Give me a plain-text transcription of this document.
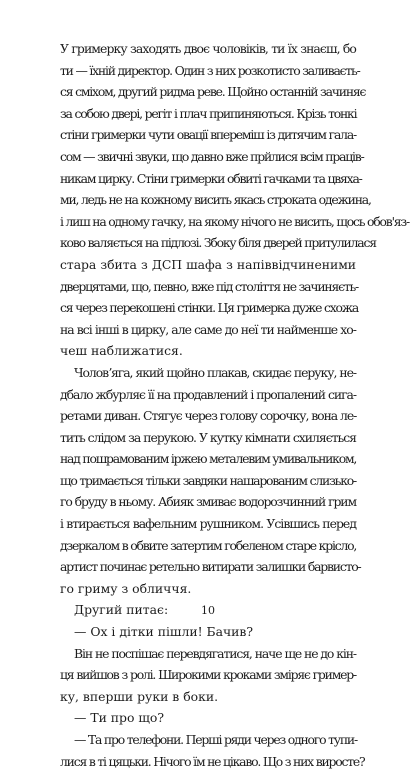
У гримерку заходять двоє чоловіків, ти їх знаєш, бо
ти — їхній директор. Один з них розкотисто заливаєть-
ся сміхом, другий ридма реве. Щойно останній зачиняє
за собою двері, регіт і плач припиняються. Крізь тонкі
стіни гримерки чути овації впереміш із дитячим гала-
сом — звичні звуки, що давно вже прйлися всім праців-
никам цирку. Стіни гримерки обвиті гачками та цвяха-
ми, ледь не на кожному висить якась строката одежина,
і лиш на одному гачку, на якому нічого не висить, щось обов'яз-
ково валяється на підлозі. Збоку біля дверей притулилася
стара збита з ДСП шафа з напіввідчиненими
дверцятами, що, певно, вже під століття не зачиняєть-
ся через перекошені стінки. Ця гримерка дуже схожа
на всі інші в цирку, але саме до неї ти найменше хо-
чеш наближатися.
Чоловʼяга, який щойно плакав, скидає перуку, не-
дбало жбурляє її на продавлений і пропалений сига-
ретами диван. Стягує через голову сорочку, вона ле-
тить слідом за перукою. У кутку кімнати схиляється
над пошрамованим іржею металевим умивальником,
що тримається тільки завдяки нашарованим слизько-
го бруду в ньому. Абияк змиває водорозчинний грим
і втирається вафельним рушником. Усівшись перед
дзеркалом в обвите затертим гобеленом старе крісло,
артист починає ретельно витирати залишки барвисто-
го гриму з обличчя.
Другий питає:
— Ох і дітки пішли! Бачив?
Він не поспішає перевдягатися, наче ще не до кін-
ця вийшов з ролі. Широкими кроками зміряє гример-
ку, вперши руки в боки.
— Ти про що?
— Та про телефони. Перші ряди через одного тупи-
лися в ті цяцьки. Нічого їм не цікаво. Що з них виросте?
10
